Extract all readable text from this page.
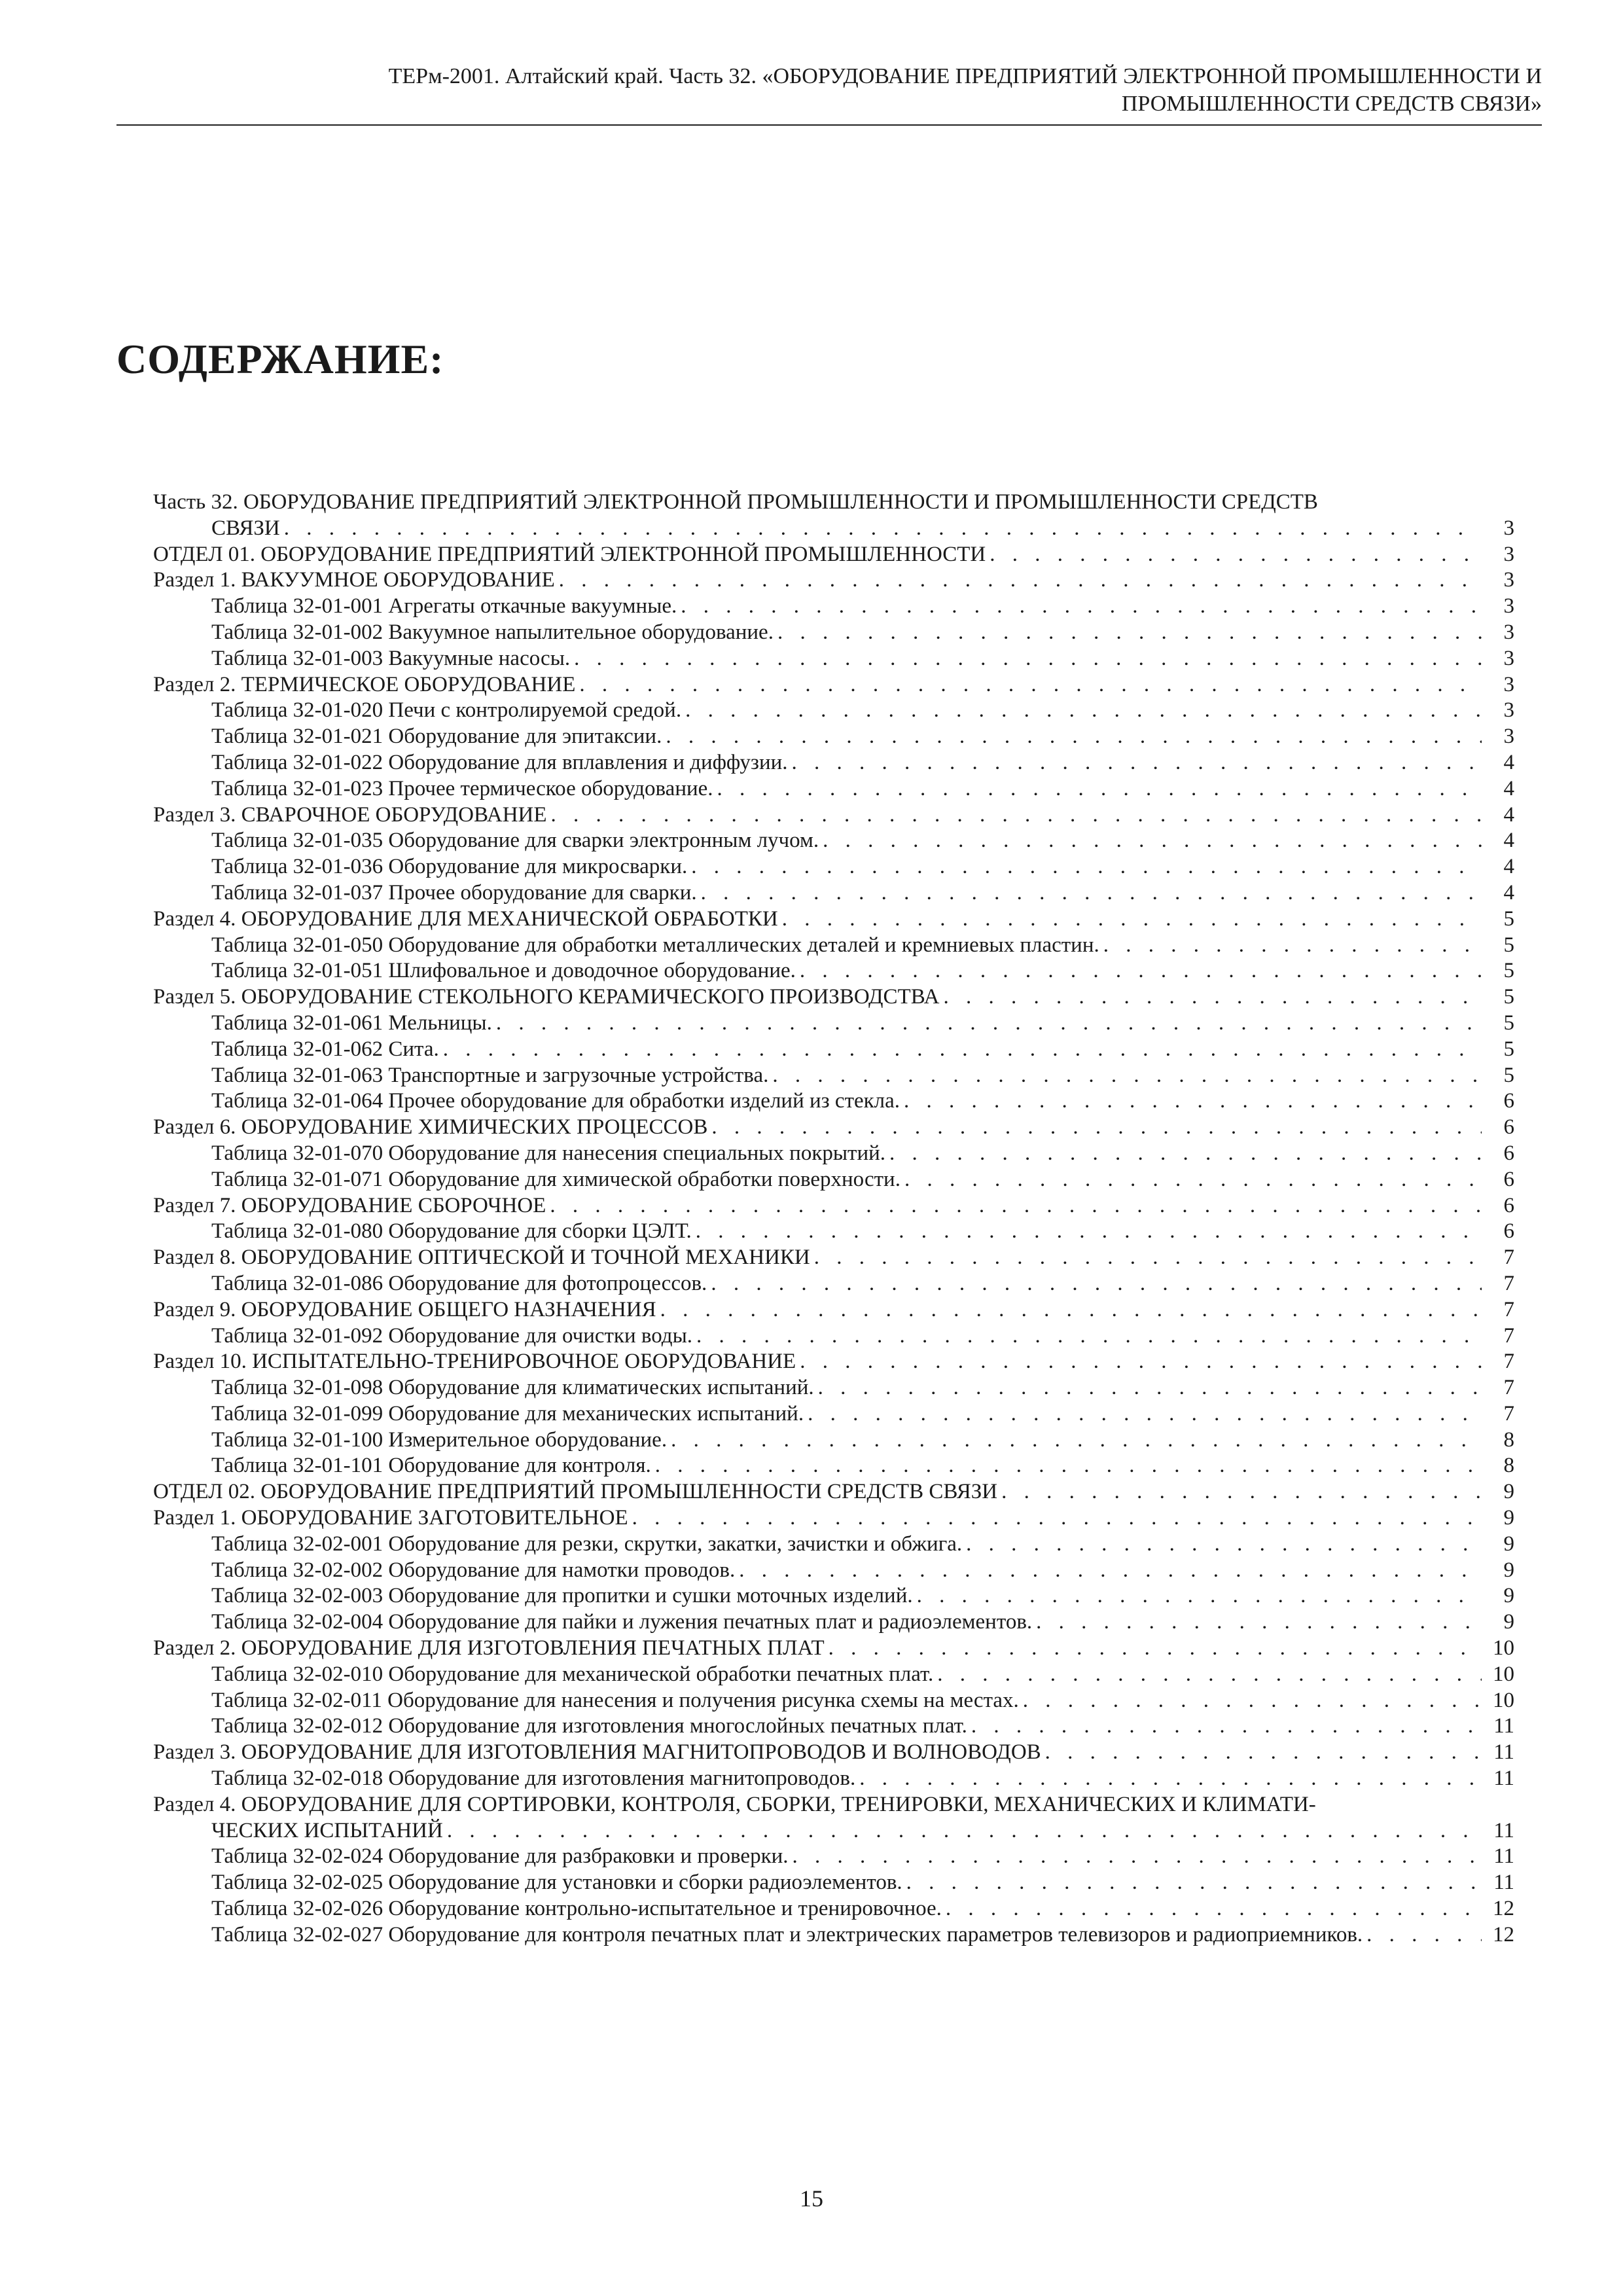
ТЕРм-2001. Алтайский край. Часть 32. «ОБОРУДОВАНИЕ ПРЕДПРИЯТИЙ ЭЛЕКТРОННОЙ ПРОМЫШЛЕННОСТИ И
ПРОМЫШЛЕННОСТИ СРЕДСТВ СВЯЗИ»
СОДЕРЖАНИЕ:
Часть 32. ОБОРУДОВАНИЕ ПРЕДПРИЯТИЙ ЭЛЕКТРОННОЙ ПРОМЫШЛЕННОСТИ И ПРОМЫШЛЕННОСТИ СРЕДСТВ
СВЯЗИ . . .	3
ОТДЕЛ 01. ОБОРУДОВАНИЕ ПРЕДПРИЯТИЙ ЭЛЕКТРОННОЙ ПРОМЫШЛЕННОСТИ . . .	3
Раздел 1. ВАКУУМНОЕ ОБОРУДОВАНИЕ . . .	3
Таблица 32-01-001 Агрегаты откачные вакуумные. . . .	3
Таблица 32-01-002 Вакуумное напылительное оборудование. . . .	3
Таблица 32-01-003 Вакуумные насосы. . . .	3
Раздел 2. ТЕРМИЧЕСКОЕ ОБОРУДОВАНИЕ . . .	3
Таблица 32-01-020 Печи с контролируемой средой. . . .	3
Таблица 32-01-021 Оборудование для эпитаксии. . . .	3
Таблица 32-01-022 Оборудование для вплавления и диффузии. . . .	4
Таблица 32-01-023 Прочее термическое оборудование. . . .	4
Раздел 3. СВАРОЧНОЕ ОБОРУДОВАНИЕ . . .	4
Таблица 32-01-035 Оборудование для сварки электронным лучом. . . .	4
Таблица 32-01-036 Оборудование для микросварки. . . .	4
Таблица 32-01-037 Прочее оборудование для сварки. . . .	4
Раздел 4. ОБОРУДОВАНИЕ ДЛЯ МЕХАНИЧЕСКОЙ ОБРАБОТКИ . . .	5
Таблица 32-01-050 Оборудование для обработки металлических деталей и кремниевых пластин. . . .	5
Таблица 32-01-051 Шлифовальное и доводочное оборудование. . . .	5
Раздел 5. ОБОРУДОВАНИЕ СТЕКОЛЬНОГО КЕРАМИЧЕСКОГО ПРОИЗВОДСТВА . . .	5
Таблица 32-01-061 Мельницы. . . .	5
Таблица 32-01-062 Сита. . . .	5
Таблица 32-01-063 Транспортные и загрузочные устройства. . . .	5
Таблица 32-01-064 Прочее оборудование для обработки изделий из стекла. . . .	6
Раздел 6. ОБОРУДОВАНИЕ ХИМИЧЕСКИХ ПРОЦЕССОВ . . .	6
Таблица 32-01-070 Оборудование для нанесения специальных покрытий. . . .	6
Таблица 32-01-071 Оборудование для химической обработки поверхности. . . .	6
Раздел 7. ОБОРУДОВАНИЕ СБОРОЧНОЕ . . .	6
Таблица 32-01-080 Оборудование для сборки ЦЭЛТ. . . .	6
Раздел 8. ОБОРУДОВАНИЕ ОПТИЧЕСКОЙ И ТОЧНОЙ МЕХАНИКИ . . .	7
Таблица 32-01-086 Оборудование для фотопроцессов. . . .	7
Раздел 9. ОБОРУДОВАНИЕ ОБЩЕГО НАЗНАЧЕНИЯ . . .	7
Таблица 32-01-092 Оборудование для очистки воды. . . .	7
Раздел 10. ИСПЫТАТЕЛЬНО-ТРЕНИРОВОЧНОЕ ОБОРУДОВАНИЕ . . .	7
Таблица 32-01-098 Оборудование для климатических испытаний. . . .	7
Таблица 32-01-099 Оборудование для механических испытаний. . . .	7
Таблица 32-01-100 Измерительное оборудование. . . .	8
Таблица 32-01-101 Оборудование для контроля. . . .	8
ОТДЕЛ 02. ОБОРУДОВАНИЕ ПРЕДПРИЯТИЙ ПРОМЫШЛЕННОСТИ СРЕДСТВ СВЯЗИ . . .	9
Раздел 1. ОБОРУДОВАНИЕ ЗАГОТОВИТЕЛЬНОЕ . . .	9
Таблица 32-02-001 Оборудование для резки, скрутки, закатки, зачистки и обжига. . . .	9
Таблица 32-02-002 Оборудование для намотки проводов. . . .	9
Таблица 32-02-003 Оборудование для пропитки и сушки моточных изделий. . . .	9
Таблица 32-02-004 Оборудование для пайки и лужения печатных плат и радиоэлементов. . . .	9
Раздел 2. ОБОРУДОВАНИЕ ДЛЯ ИЗГОТОВЛЕНИЯ ПЕЧАТНЫХ ПЛАТ . . .	10
Таблица 32-02-010 Оборудование для механической обработки печатных плат. . . .	10
Таблица 32-02-011 Оборудование для нанесения и получения рисунка схемы на местах. . . .	10
Таблица 32-02-012 Оборудование для изготовления многослойных печатных плат. . . .	11
Раздел 3. ОБОРУДОВАНИЕ ДЛЯ ИЗГОТОВЛЕНИЯ МАГНИТОПРОВОДОВ И ВОЛНОВОДОВ . . .	11
Таблица 32-02-018 Оборудование для изготовления магнитопроводов. . . .	11
Раздел 4. ОБОРУДОВАНИЕ ДЛЯ СОРТИРОВКИ, КОНТРОЛЯ, СБОРКИ, ТРЕНИРОВКИ, МЕХАНИЧЕСКИХ И КЛИМАТИ-
ЧЕСКИХ ИСПЫТАНИЙ . . .	11
Таблица 32-02-024 Оборудование для разбраковки и проверки. . . .	11
Таблица 32-02-025 Оборудование для установки и сборки радиоэлементов. . . .	11
Таблица 32-02-026 Оборудование контрольно-испытательное и тренировочное. . . .	12
Таблица 32-02-027 Оборудование для контроля печатных плат и электрических параметров телевизоров и радиоприемников. . . .	12
15
